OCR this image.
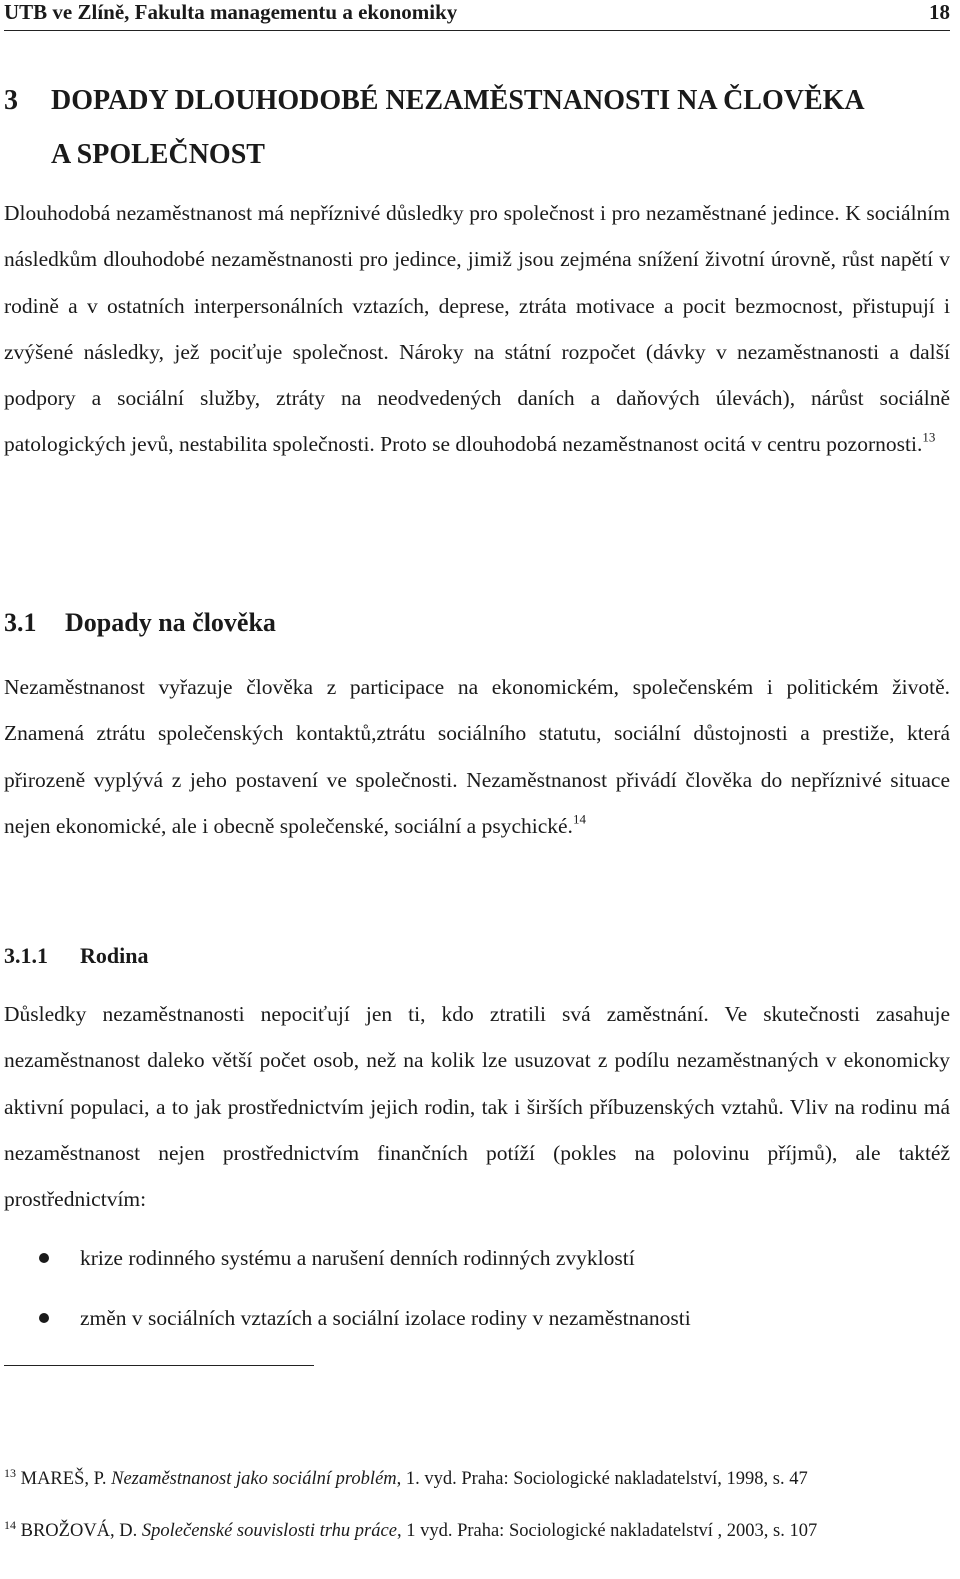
UTB ve Zlíně, Fakulta managementu a ekonomiky	18
3 DOPADY DLOUHODOBÉ NEZAMĚSTNANOSTI NA ČLOVĚKA
A SPOLEČNOST
Dlouhodobá nezaměstnanost má nepříznivé důsledky pro společnost i pro nezaměstnané jedince. K sociálním následkům dlouhodobé nezaměstnanosti pro jedince, jimiž jsou zejména snížení životní úrovně, růst napětí v rodině a v ostatních interpersonálních vztazích, deprese, ztráta motivace a pocit bezmocnost, přistupují i zvýšené následky, jež pociťuje společnost. Nároky na státní rozpočet (dávky v nezaměstnanosti a další podpory a sociální služby, ztráty na neodvedených daních a daňových úlevách), nárůst sociálně patologických jevů, nestabilita společnosti. Proto se dlouhodobá nezaměstnanost ocitá v centru pozornosti.$^{13}$
3.1 Dopady na člověka
Nezaměstnanost vyřazuje člověka z participace na ekonomickém, společenském i politickém životě. Znamená ztrátu společenských kontaktů,ztrátu sociálního statutu, sociální důstojnosti a prestiže, která přirozeně vyplývá z jeho postavení ve společnosti. Nezaměstnanost přivádí člověka do nepříznivé situace nejen ekonomické, ale i obecně společenské, sociální a psychické.$^{14}$
3.1.1 Rodina
Důsledky nezaměstnanosti nepociťují jen ti, kdo ztratili svá zaměstnání. Ve skutečnosti zasahuje nezaměstnanost daleko větší počet osob, než na kolik lze usuzovat z podílu nezaměstnaných v ekonomicky aktivní populaci, a to jak prostřednictvím jejich rodin, tak i širších příbuzenských vztahů. Vliv na rodinu má nezaměstnanost nejen prostřednictvím finančních potíží (pokles na polovinu příjmů), ale taktéž prostřednictvím:
krize rodinného systému a narušení denních rodinných zvyklostí
změn v sociálních vztazích a sociální izolace rodiny v nezaměstnanosti
$^{13}$ MAREŠ, P. Nezaměstnanost jako sociální problém, 1. vyd. Praha: Sociologické nakladatelství, 1998, s. 47
$^{14}$ BROŽOVÁ, D. Společenské souvislosti trhu práce, 1 vyd. Praha: Sociologické nakladatelství , 2003, s. 107
